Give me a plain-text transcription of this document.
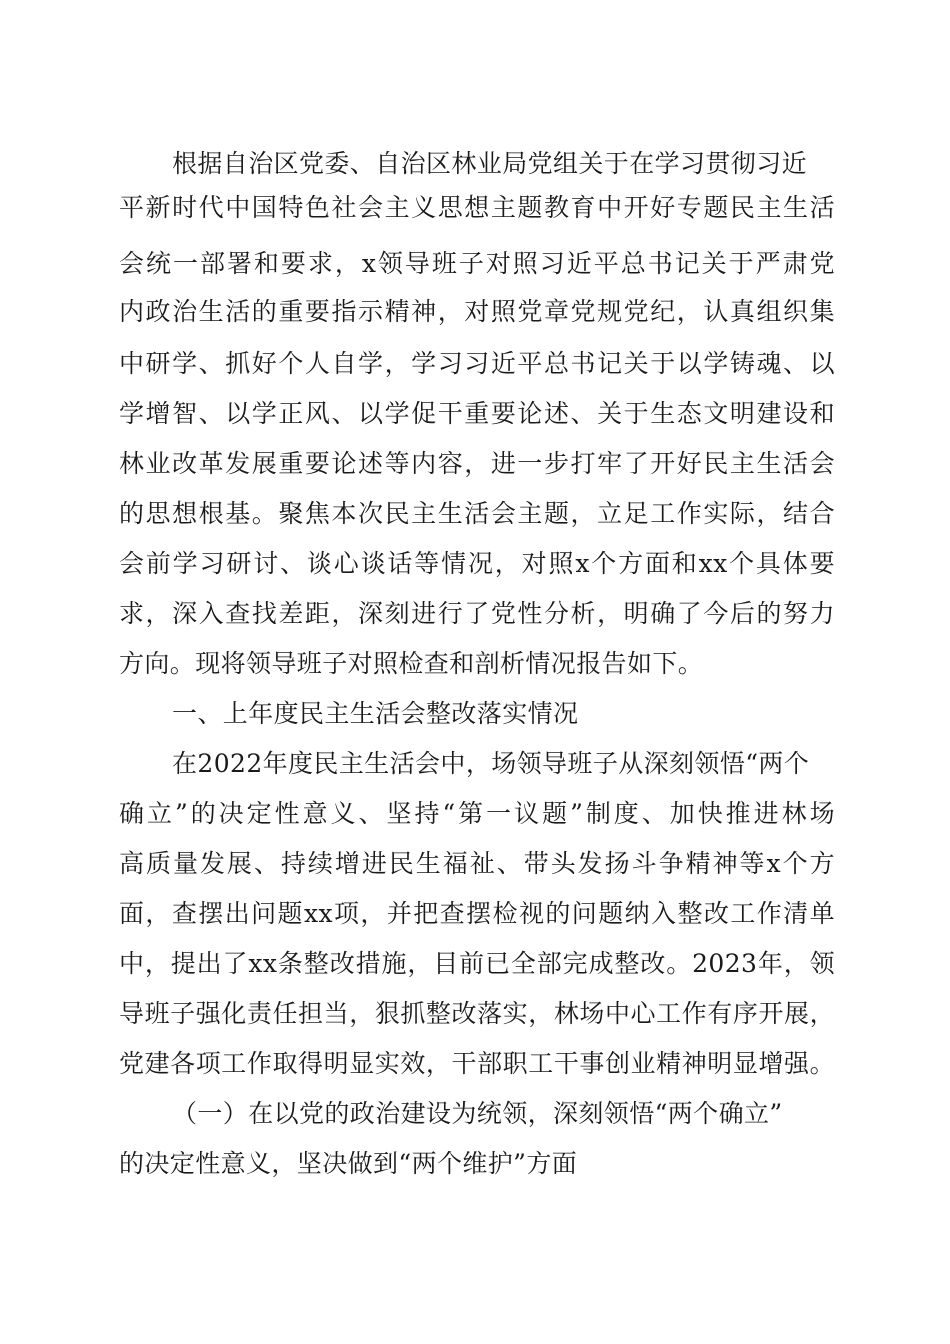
根据自治区党委、自治区林业局党组关于在学习贯彻习近
平新时代中国特色社会主义思想主题教育中开好专题民主生活
会统一部署和要求，x领导班子对照习近平总书记关于严肃党
内政治生活的重要指示精神，对照党章党规党纪，认真组织集
中研学、抓好个人自学，学习习近平总书记关于以学铸魂、以
学增智、以学正风、以学促干重要论述、关于生态文明建设和
林业改革发展重要论述等内容，进一步打牢了开好民主生活会
的思想根基。聚焦本次民主生活会主题，立足工作实际，结合
会前学习研讨、谈心谈话等情况，对照x个方面和xx个具体要
求，深入查找差距，深刻进行了党性分析，明确了今后的努力
方向。现将领导班子对照检查和剖析情况报告如下。
一、上年度民主生活会整改落实情况
在2022年度民主生活会中，场领导班子从深刻领悟“两个
确立”的决定性意义、坚持“第一议题”制度、加快推进林场
高质量发展、持续增进民生福祉、带头发扬斗争精神等x个方
面，查摆出问题xx项，并把查摆检视的问题纳入整改工作清单
中，提出了xx条整改措施，目前已全部完成整改。2023年，领
导班子强化责任担当，狠抓整改落实，林场中心工作有序开展，
党建各项工作取得明显实效，干部职工干事创业精神明显增强。
（一）在以党的政治建设为统领，深刻领悟“两个确立”
的决定性意义，坚决做到“两个维护”方面
